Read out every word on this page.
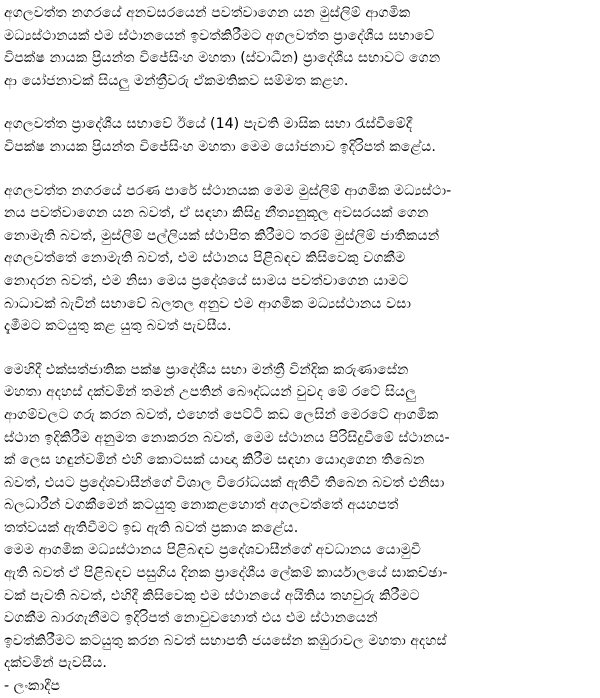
අගලවත්ත නගරයේ අනවසරයෙන් පවත්වාගෙන යන මුස්ලිම් ආගමික
මධ්‍යස්ථානයක් එම ස්ථානයෙන් ඉවත්කිරීමට අගලවත්ත ප්‍රාදේශීය සභාවේ
විපක්ෂ නායක ප්‍රියන්ත විජේසිංහ මහතා (ස්වාධීන) ප්‍රාදේශීය සභාවට ගෙන
ආ යෝජනාවක් සියලු මන්ත්‍රීවරු ඒකමතිකව සම්මත කළහ.
අගලවත්ත ප්‍රාදේශීය සභාවේ ඊයේ (14) පැවති මාසික සභා රැස්වීමේදී
විපක්ෂ නායක ප්‍රියන්ත විජේසිංහ මහතා මෙම යෝජනාව ඉදිරිපත් කළේය.
අගලවත්ත නගරයේ පරණ පාරේ ස්ථානයක මෙම මුස්ලිම් ආගමික මධ්‍යස්ථා-
නය පවත්වාගෙන යන බවත්, ඒ සඳහා කිසිදු නීත්‍යනුකූල අවසරයක් ගෙන
නොමැති බවත්, මුස්ලිම් පල්ලියක් ස්ථාපිත කිරීමට තරම් මුස්ලිම් ජාතිකයන්
අගලවත්තේ නොමැති බවත්, එම ස්ථානය පිළිබඳව කිසිවෙකු වගකීම
නොදරන බවත්, එම නිසා මෙය ප්‍රදේශයේ සාමය පවත්වාගෙන යාමට
බාධාවක් බැවින් සභාවේ බලතල අනුව එම ආගමික මධ්‍යස්ථානය වසා
දැමීමට කටයුතු කළ යුතු බවත් පැවසීය.
මෙහිදී එක්සත්ජාතික පක්ෂ ප්‍රාදේශීය සභා මන්ත්‍රී වින්දික කරුණාසේන
මහතා අදහස් දක්වමින් තමන් උපතින් බෞද්ධයන් වුවද මේ රටේ සියලු
ආගම්වලට ගරු කරන බවත්, එහෙත් පෙට්ටි කඩ ලෙසින් මෙරටේ ආගමික
ස්ථාන ඉදිකිරීම අනුමත නොකරන බවත්, මෙම ස්ථානය පිරිසිදුවීමේ ස්ථානය-
ක් ලෙස හඳුන්වමින් එහි කොටසක් යාඥා කිරීම සඳහා යොදාගෙන තිබෙන
බවත්, එයට ප්‍රදේශවාසීන්ගේ විශාල විරෝධයක් ඇතිවී තිබෙන බවත් එනිසා
බලධාරීන් වගකීමෙන් කටයුතු නොකළහොත් අගලවත්තේ අයහපත්
තත්වයක් ඇතිවීමට ඉඩ ඇති බවත් ප්‍රකාශ කළේය.
මෙම ආගමික මධ්‍යස්ථානය පිළිබඳව ප්‍රදේශවාසීන්ගේ අවධානය යොමුවී
ඇති බවත් ඒ පිළිබඳව පසුගිය දිනක ප්‍රාදේශීය ලේකම් කාර්යාලයේ සාකච්ඡා-
වක් පැවති බවත්, එහිදී කිසිවෙකු එම ස්ථානයේ අයිතිය තහවුරු කිරීමට
වගකීම බාරගැනීමට ඉදිරිපත් නොවුවහොත් එය එම ස්ථානයෙන්
ඉවත්කිරීමට කටයුතු කරන බවත් සභාපති ජයසේන කඹුරාවල මහතා අදහස්
දක්වමින් පැවසීය.

- ලංකාදීප
